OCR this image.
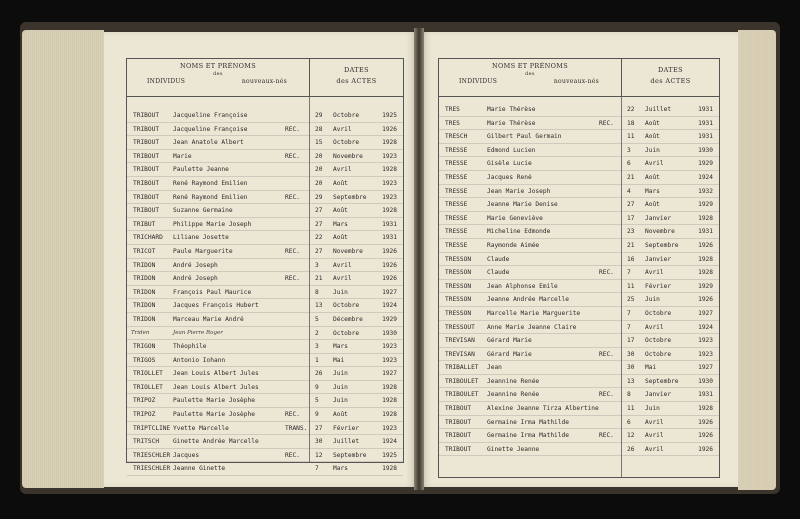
NOMS ET PRÉNOMS
des
INDIVIDUS	nouveaux-nés
DATES
des ACTES
TRIBOUT Jacqueline Françoise	29 Octobre	1925
TRIBOUT Jacqueline Françoise	REC. 28 Avril	1926
TRIBOUT Jean Anatole Albert	15 Octobre	1928
TRIBOUT Marie	REC. 20 Novembre	1923
TRIBOUT Paulette Jeanne	20 Avril	1928
TRIBOUT René Raymond Emilien	20 Août	1923
TRIBOUT René Raymond Emilien	REC. 29 Septembre	1923
TRIBOUT Suzanne Germaine	27 Août	1928
TRIBUT	Philippe Marie Joseph	27 Mars	1931
TRICHARD Liliane Josette	22 Août	1931
TRICOT	Paule Marguerite	REC. 27 Novembre	1926
TRIDON	André Joseph	3 Avril	1926
TRIDON	André Joseph	REC. 21 Avril	1926
TRIDON	François Paul Maurice	8 Juin	1927
TRIDON	Jacques François Hubert	13 Octobre	1924
TRIDON	Marceau Marie André	5 Décembre	1929
Triden	Jean Pierre Roger	2 Octobre	1930
TRIGON	Théophile	3 Mars	1923
TRIGOS	Antonio Iohann	1 Mai	1923
TRIOLLET Jean Louis Albert Jules	26 Juin	1927
TRIOLLET Jean Louis Albert Jules	9 Juin	1928
TRIPOZ	Paulette Marie Josèphe	5 Juin	1928
TRIPOZ	Paulette Marie Josèphe	REC. 9 Août	1928
TRIPTCLINE Yvette Marcelle	TRANS. 27 Février	1923
TRITSCH Ginette Andrée Marcelle	30 Juillet	1924
TRIESCHLER Jacques	REC. 12 Septembre	1925
TRIESCHLER Jeanne Ginette	7 Mars	1928
NOMS ET PRÉNOMS
des
INDIVIDUS	nouveaux-nés
DATES
des ACTES
TRES	Marie Thérèse	22 Juillet	1931
TRES	Marie Thérèse	REC. 18 Août	1931
TRESCH	Gilbert Paul Germain	11 Août	1931
TRESSE	Edmond Lucien	3 Juin	1930
TRESSE	Gisèle Lucie	6 Avril	1929
TRESSE	Jacques René	21 Août	1924
TRESSE	Jean Marie Joseph	4 Mars	1932
TRESSE	Jeanne Marie Denise	27 Août	1929
TRESSE	Marie Geneviève	17 Janvier	1928
TRESSE	Micheline Edmonde	23 Novembre	1931
TRESSE	Raymonde Aimée	21 Septembre	1926
TRESSON	Claude	16 Janvier	1928
TRESSON	Claude	REC. 7 Avril	1928
TRESSON	Jean Alphonse Emile	11 Février	1929
TRESSON	Jeanne Andrée Marcelle	25 Juin	1926
TRESSON	Marcelle Marie Marguerite	7 Octobre	1927
TRESSOUT Anne Marie Jeanne Claire	7 Avril	1924
TREVISAN Gérard Marie	17 Octobre	1923
TREVISAN Gérard Marie	REC. 30 Octobre	1923
TRIBALLET Jean	30 Mai	1927
TRIBOULET Jeannine Renée	13 Septembre	1930
TRIBOULET Jeannine Renée	REC. 8 Janvier	1931
TRIBOUT	Alexine Jeanne Tirza Albertine	11 Juin	1928
TRIBOUT	Germaine Irma Mathilde	6 Avril	1926
TRIBOUT	Germaine Irma Mathilde	REC. 12 Avril	1926
TRIBOUT	Ginette Jeanne	26 Avril	1926
